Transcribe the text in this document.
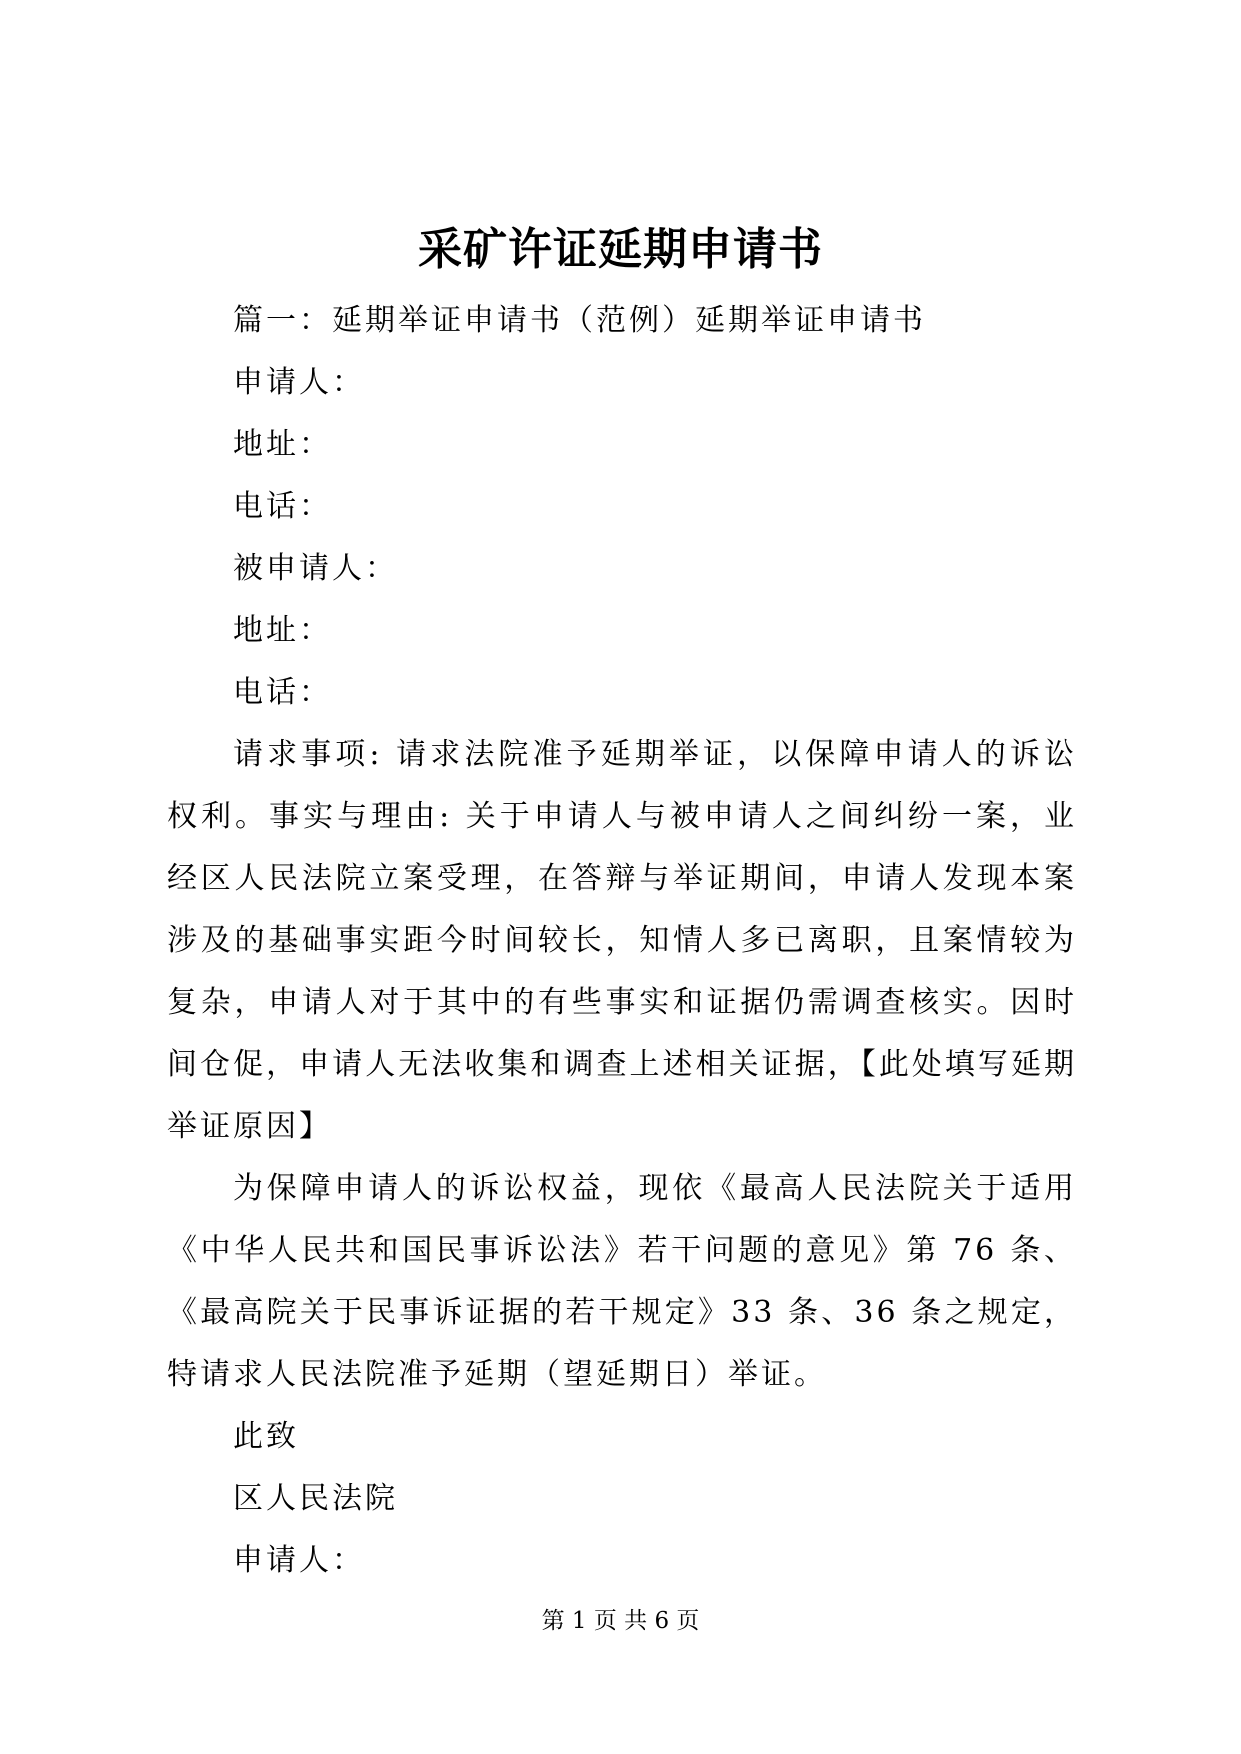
采矿许证延期申请书

篇一：延期举证申请书（范例）延期举证申请书

申请人：

地址：

电话：

被申请人：

地址：

电话：

请求事项: 请求法院准予延期举证，以保障申请人的诉讼权利。事实与理由: 关于申请人与被申请人之间纠纷一案，业经区人民法院立案受理，在答辩与举证期间，申请人发现本案涉及的基础事实距今时间较长，知情人多已离职，且案情较为复杂，申请人对于其中的有些事实和证据仍需调查核实。因时间仓促，申请人无法收集和调查上述相关证据，【此处填写延期举证原因】

为保障申请人的诉讼权益，现依《最高人民法院关于适用《中华人民共和国民事诉讼法》若干问题的意见》第 76 条、《最高院关于民事诉证据的若干规定》33 条、36 条之规定，特请求人民法院准予延期（望延期日）举证。

此致

区人民法院

申请人：

第 1 页 共 6 页
